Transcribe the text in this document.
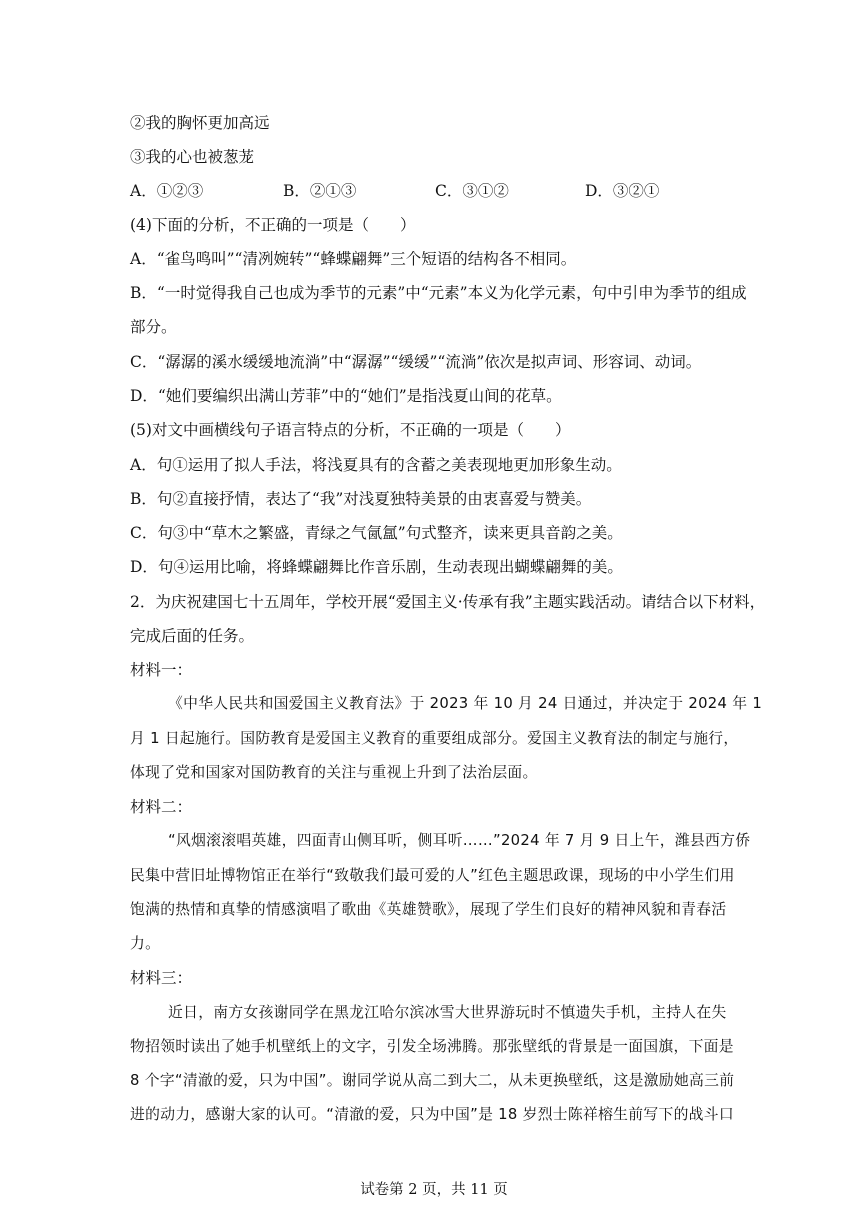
②我的胸怀更加高远
③我的心也被葱茏
A．①②③	B．②①③	C．③①②	D．③②①
(4)下面的分析，不正确的一项是（　　）
A．“雀鸟鸣叫”“清冽婉转”“蜂蝶翩舞”三个短语的结构各不相同。
B．“一时觉得我自己也成为季节的元素”中“元素”本义为化学元素，句中引申为季节的组成
部分。
C．“潺潺的溪水缓缓地流淌”中“潺潺”“缓缓”“流淌”依次是拟声词、形容词、动词。
D．“她们要编织出满山芳菲”中的“她们”是指浅夏山间的花草。
(5)对文中画横线句子语言特点的分析，不正确的一项是（　　）
A．句①运用了拟人手法，将浅夏具有的含蓄之美表现地更加形象生动。
B．句②直接抒情，表达了“我”对浅夏独特美景的由衷喜爱与赞美。
C．句③中“草木之繁盛，青绿之气氤氲”句式整齐，读来更具音韵之美。
D．句④运用比喻，将蜂蝶翩舞比作音乐剧，生动表现出蝴蝶翩舞的美。
2．为庆祝建国七十五周年，学校开展“爱国主义·传承有我”主题实践活动。请结合以下材料，
完成后面的任务。
材料一：
《中华人民共和国爱国主义教育法》于 2023 年 10 月 24 日通过，并决定于 2024 年 1
月 1 日起施行。国防教育是爱国主义教育的重要组成部分。爱国主义教育法的制定与施行，
体现了党和国家对国防教育的关注与重视上升到了法治层面。
材料二：
“风烟滚滚唱英雄，四面青山侧耳听，侧耳听……”2024 年 7 月 9 日上午，潍县西方侨
民集中营旧址博物馆正在举行“致敬我们最可爱的人”红色主题思政课，现场的中小学生们用
饱满的热情和真挚的情感演唱了歌曲《英雄赞歌》，展现了学生们良好的精神风貌和青春活
力。
材料三：
近日，南方女孩谢同学在黑龙江哈尔滨冰雪大世界游玩时不慎遗失手机，主持人在失
物招领时读出了她手机壁纸上的文字，引发全场沸腾。那张壁纸的背景是一面国旗，下面是
8 个字“清澈的爱，只为中国”。谢同学说从高二到大二，从未更换壁纸，这是激励她高三前
进的动力，感谢大家的认可。“清澈的爱，只为中国”是 18 岁烈士陈祥榕生前写下的战斗口
试卷第 2 页，共 11 页
